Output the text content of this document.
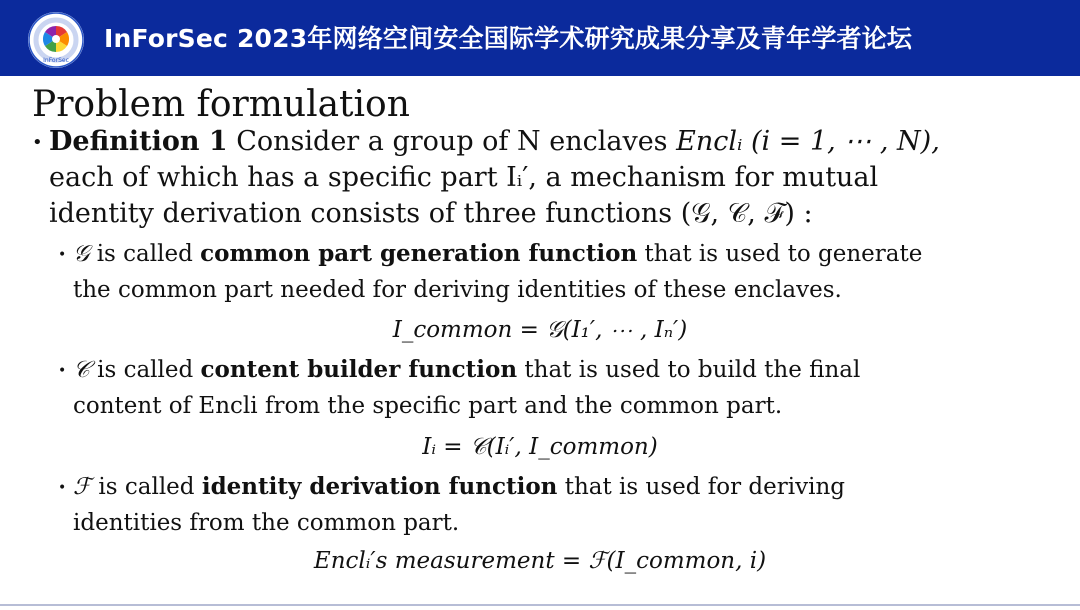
InForSec
InForSec 2023年网络空间安全国际学术研究成果分享及青年学者论坛
Problem formulation
• Definition 1 Consider a group of N enclaves Enclᵢ (i = 1, ⋯ , N),
each of which has a specific part Iᵢ′, a mechanism for mutual
identity derivation consists of three functions (𝒢, 𝒞, ℱ) :
• 𝒢 is called common part generation function that is used to generate
the common part needed for deriving identities of these enclaves.
I_common = 𝒢(I₁′, ⋯ , Iₙ′)
• 𝒞 is called content builder function that is used to build the final
content of Encli from the specific part and the common part.
Iᵢ = 𝒞(Iᵢ′, I_common)
• ℱ is called identity derivation function that is used for deriving
identities from the common part.
Enclᵢ′s measurement = ℱ(I_common, i)
